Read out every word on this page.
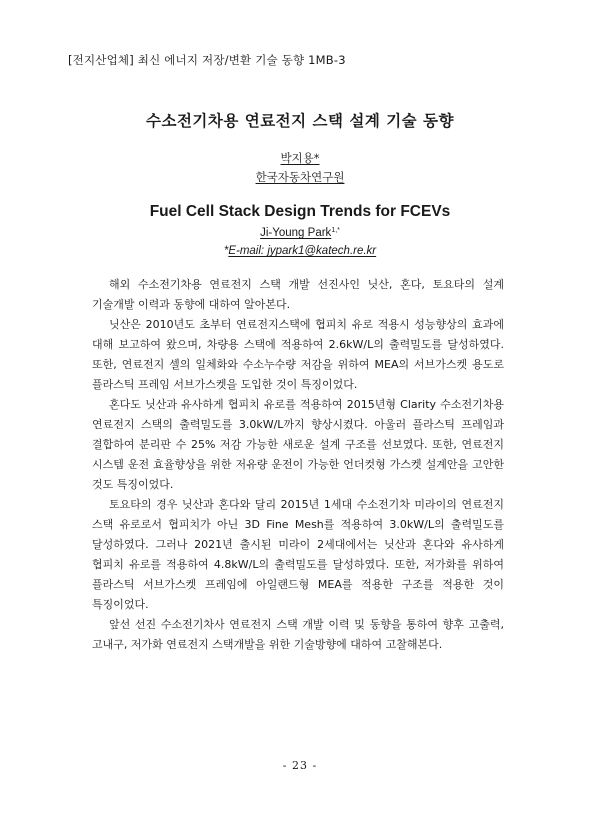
[전지산업체] 최신 에너지 저장/변환 기술 동향 1MB-3
수소전기차용 연료전지 스택 설계 기술 동향
박지용*
한국자동차연구원
Fuel Cell Stack Design Trends for FCEVs
Ji-Young Park$^{1,*}$
*E-mail: jypark1@katech.re.kr

해외 수소전기차용 연료전지 스택 개발 선진사인 닛산, 혼다, 토요타의 설계 기술개발 이력과 동향에 대하여 알아본다.

닛산은 2010년도 초부터 연료전지스택에 협피치 유로 적용시 성능향상의 효과에 대해 보고하여 왔으며, 차량용 스택에 적용하여 2.6kW/L의 출력밀도를 달성하였다. 또한, 연료전지 셀의 일체화와 수소누수량 저감을 위하여 MEA의 서브가스켓 용도로 플라스틱 프레임 서브가스켓을 도입한 것이 특징이었다.

혼다도 닛산과 유사하게 협피치 유로를 적용하여 2015년형 Clarity 수소전기차용 연료전지 스택의 출력밀도를 3.0kW/L까지 향상시켰다. 아울러 플라스틱 프레임과 결합하여 분리판 수 25% 저감 가능한 새로운 설계 구조를 선보였다. 또한, 연료전지 시스템 운전 효율향상을 위한 저유량 운전이 가능한 언더컷형 가스켓 설계안을 고안한 것도 특징이었다.

토요타의 경우 닛산과 혼다와 달리 2015년 1세대 수소전기차 미라이의 연료전지 스택 유로로서 협피치가 아닌 3D Fine Mesh를 적용하여 3.0kW/L의 출력밀도를 달성하였다. 그러나 2021년 출시된 미라이 2세대에서는 닛산과 혼다와 유사하게 협피치 유로를 적용하여 4.8kW/L의 출력밀도를 달성하였다. 또한, 저가화를 위하여 플라스틱 서브가스켓 프레임에 아일랜드형 MEA를 적용한 구조를 적용한 것이 특징이었다.

앞선 선진 수소전기차사 연료전지 스택 개발 이력 및 동향을 통하여 향후 고출력, 고내구, 저가화 연료전지 스택개발을 위한 기술방향에 대하여 고찰해본다.

- 23 -
